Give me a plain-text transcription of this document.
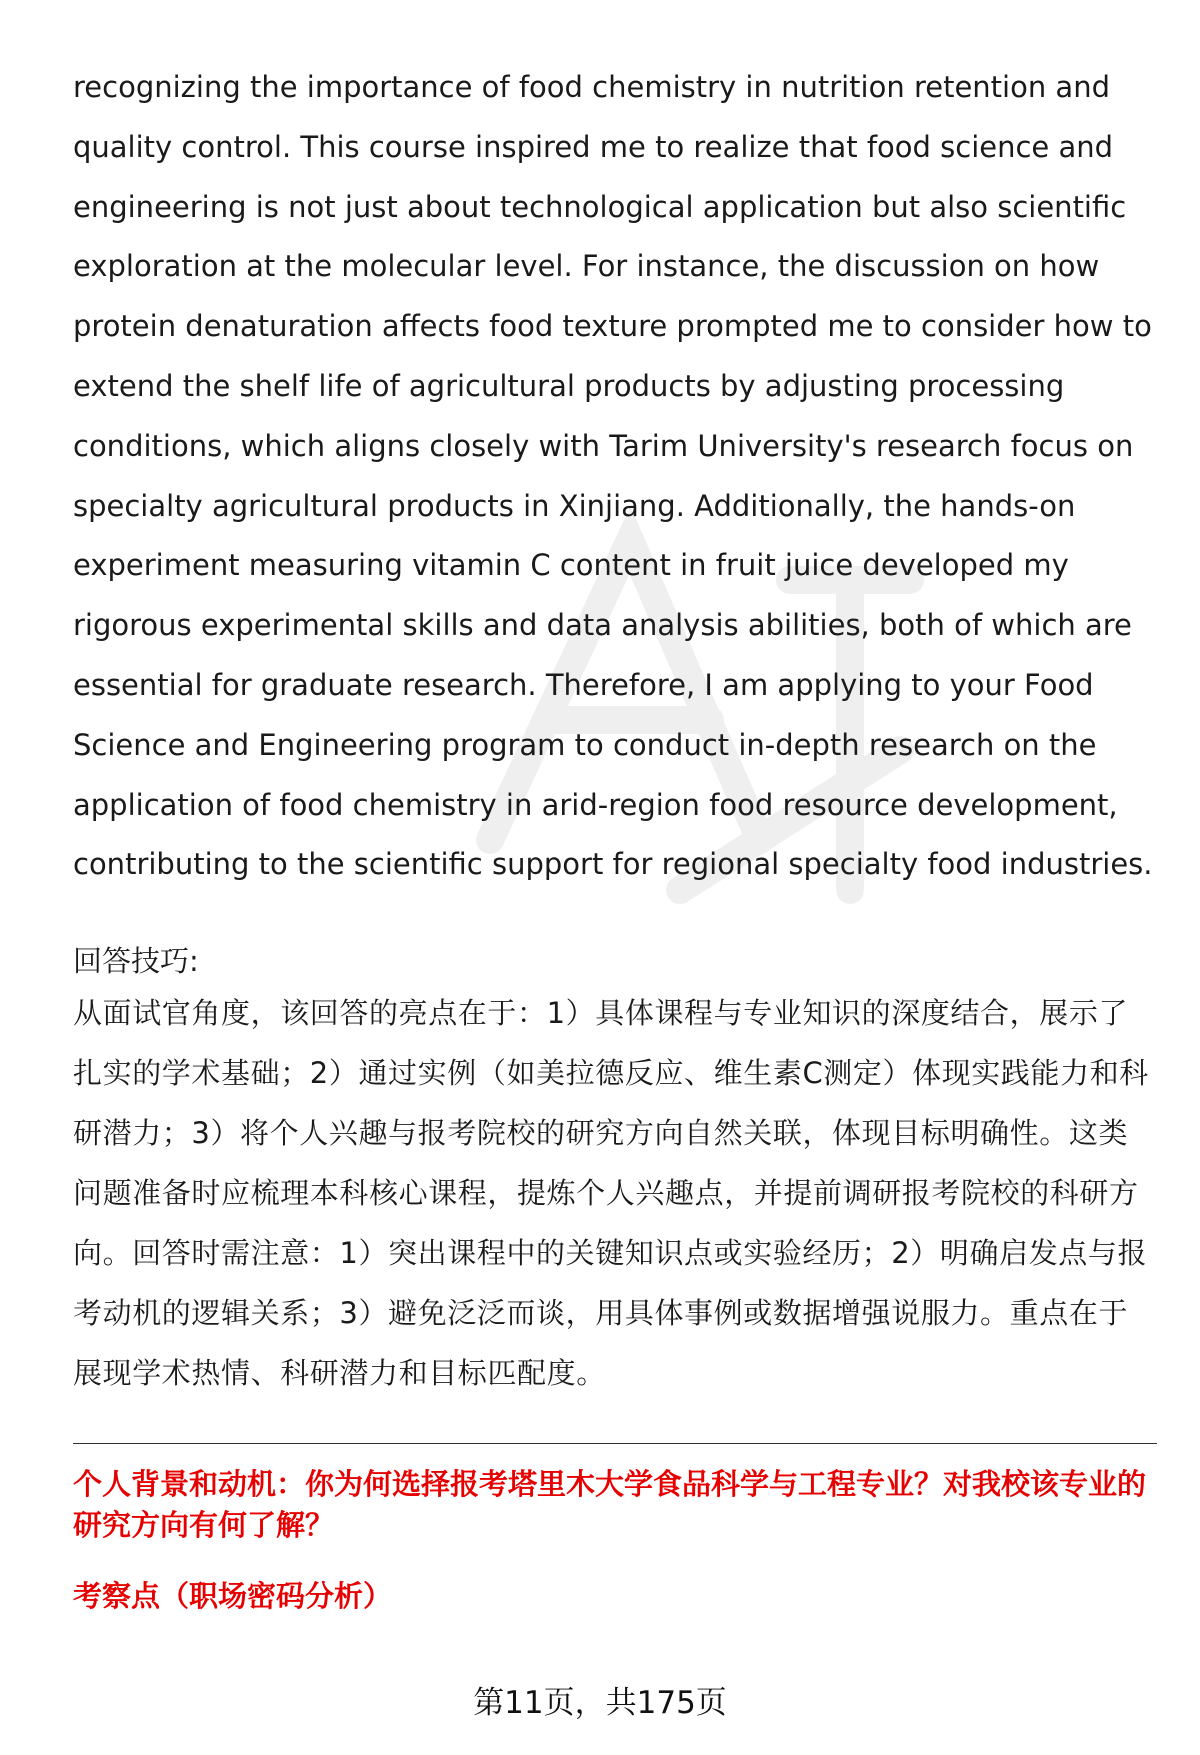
recognizing the importance of food chemistry in nutrition retention and quality control. This course inspired me to realize that food science and engineering is not just about technological application but also scientific exploration at the molecular level. For instance, the discussion on how protein denaturation affects food texture prompted me to consider how to extend the shelf life of agricultural products by adjusting processing conditions, which aligns closely with Tarim University's research focus on specialty agricultural products in Xinjiang. Additionally, the hands-on experiment measuring vitamin C content in fruit juice developed my rigorous experimental skills and data analysis abilities, both of which are essential for graduate research. Therefore, I am applying to your Food Science and Engineering program to conduct in-depth research on the application of food chemistry in arid-region food resource development, contributing to the scientific support for regional specialty food industries.

回答技巧:

从面试官角度，该回答的亮点在于：1）具体课程与专业知识的深度结合，展示了扎实的学术基础；2）通过实例（如美拉德反应、维生素C测定）体现实践能力和科研潜力；3）将个人兴趣与报考院校的研究方向自然关联，体现目标明确性。这类问题准备时应梳理本科核心课程，提炼个人兴趣点，并提前调研报考院校的科研方向。回答时需注意：1）突出课程中的关键知识点或实验经历；2）明确启发点与报考动机的逻辑关系；3）避免泛泛而谈，用具体事例或数据增强说服力。重点在于展现学术热情、科研潜力和目标匹配度。

个人背景和动机：你为何选择报考塔里木大学食品科学与工程专业？对我校该专业的研究方向有何了解？
考察点（职场密码分析）
第11页，共175页
